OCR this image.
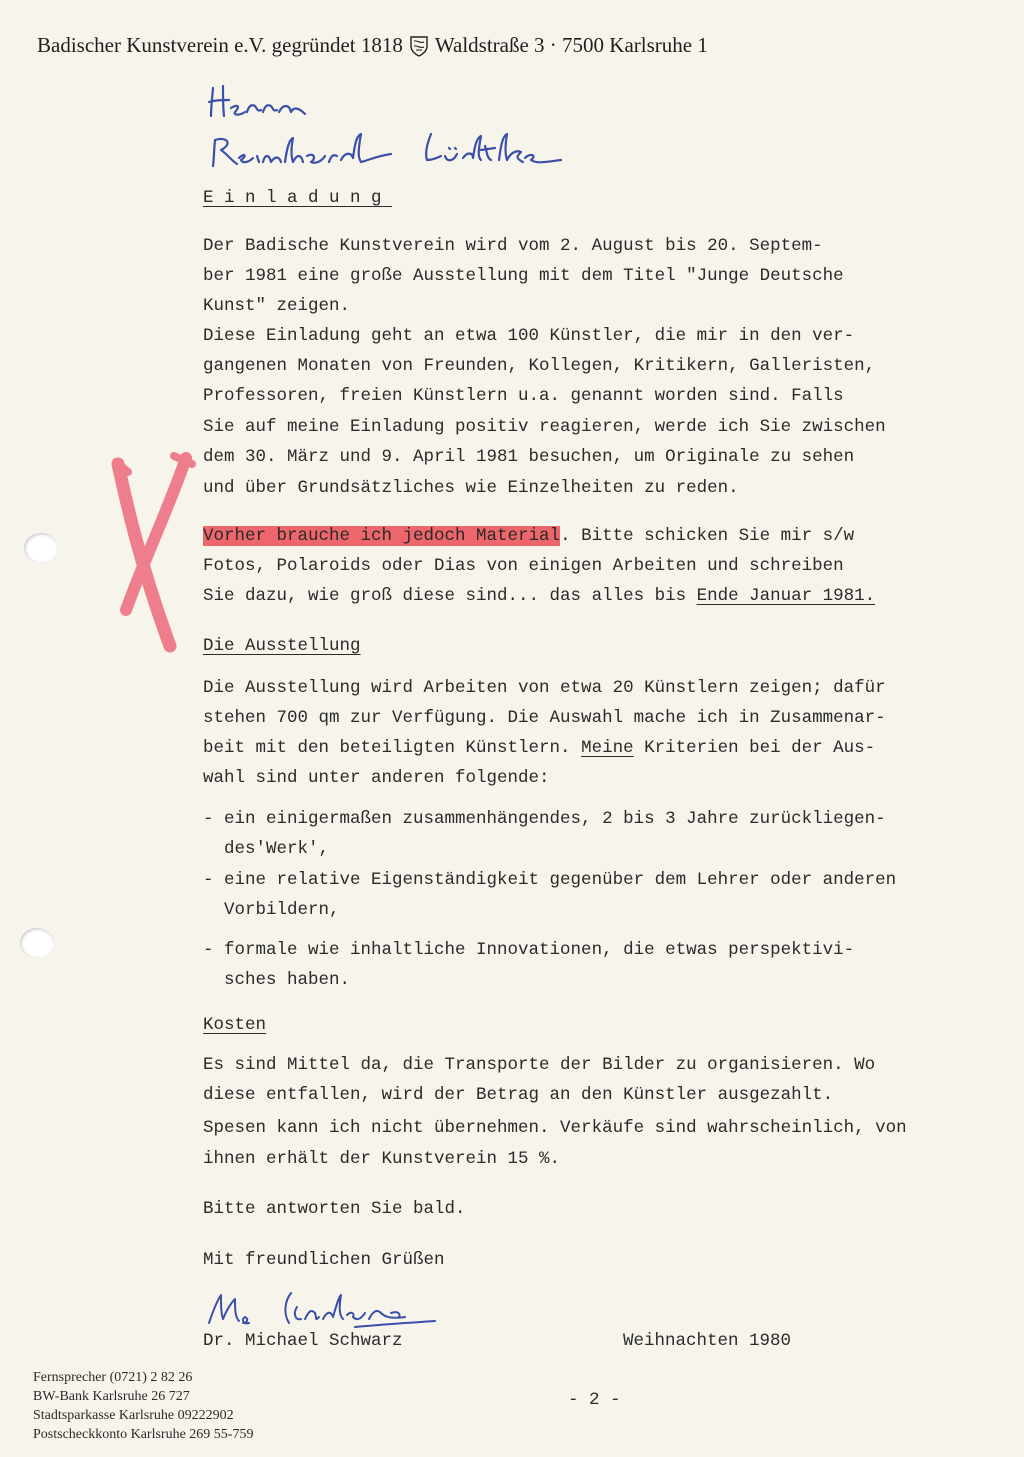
Badischer Kunstverein e.V. gegründet 1818 Waldstraße 3 · 7500 Karlsruhe 1
Einladung
Der Badische Kunstverein wird vom 2. August bis 20. Septem-
ber 1981 eine große Ausstellung mit dem Titel "Junge Deutsche
Kunst" zeigen.
Diese Einladung geht an etwa 100 Künstler, die mir in den ver-
gangenen Monaten von Freunden, Kollegen, Kritikern, Galleristen,
Professoren, freien Künstlern u.a. genannt worden sind. Falls
Sie auf meine Einladung positiv reagieren, werde ich Sie zwischen
dem 30. März und 9. April 1981 besuchen, um Originale zu sehen
und über Grundsätzliches wie Einzelheiten zu reden.
Vorher brauche ich jedoch Material. Bitte schicken Sie mir s/w
Fotos, Polaroids oder Dias von einigen Arbeiten und schreiben
Sie dazu, wie groß diese sind... das alles bis Ende Januar 1981.
Die Ausstellung
Die Ausstellung wird Arbeiten von etwa 20 Künstlern zeigen; dafür
stehen 700 qm zur Verfügung. Die Auswahl mache ich in Zusammenar-
beit mit den beteiligten Künstlern. Meine Kriterien bei der Aus-
wahl sind unter anderen folgende:
- ein einigermaßen zusammenhängendes, 2 bis 3 Jahre zurückliegen-
des'Werk',
- eine relative Eigenständigkeit gegenüber dem Lehrer oder anderen
Vorbildern,
- formale wie inhaltliche Innovationen, die etwas perspektivi-
sches haben.
Kosten
Es sind Mittel da, die Transporte der Bilder zu organisieren. Wo
diese entfallen, wird der Betrag an den Künstler ausgezahlt.
Spesen kann ich nicht übernehmen. Verkäufe sind wahrscheinlich, von
ihnen erhält der Kunstverein 15 %.
Bitte antworten Sie bald.
Mit freundlichen Grüßen
Dr. Michael Schwarz	Weihnachten 1980
Fernsprecher (0721) 2 82 26
BW-Bank Karlsruhe 26 727
Stadtsparkasse Karlsruhe 09222902
Postscheckkonto Karlsruhe 269 55-759
- 2 -
